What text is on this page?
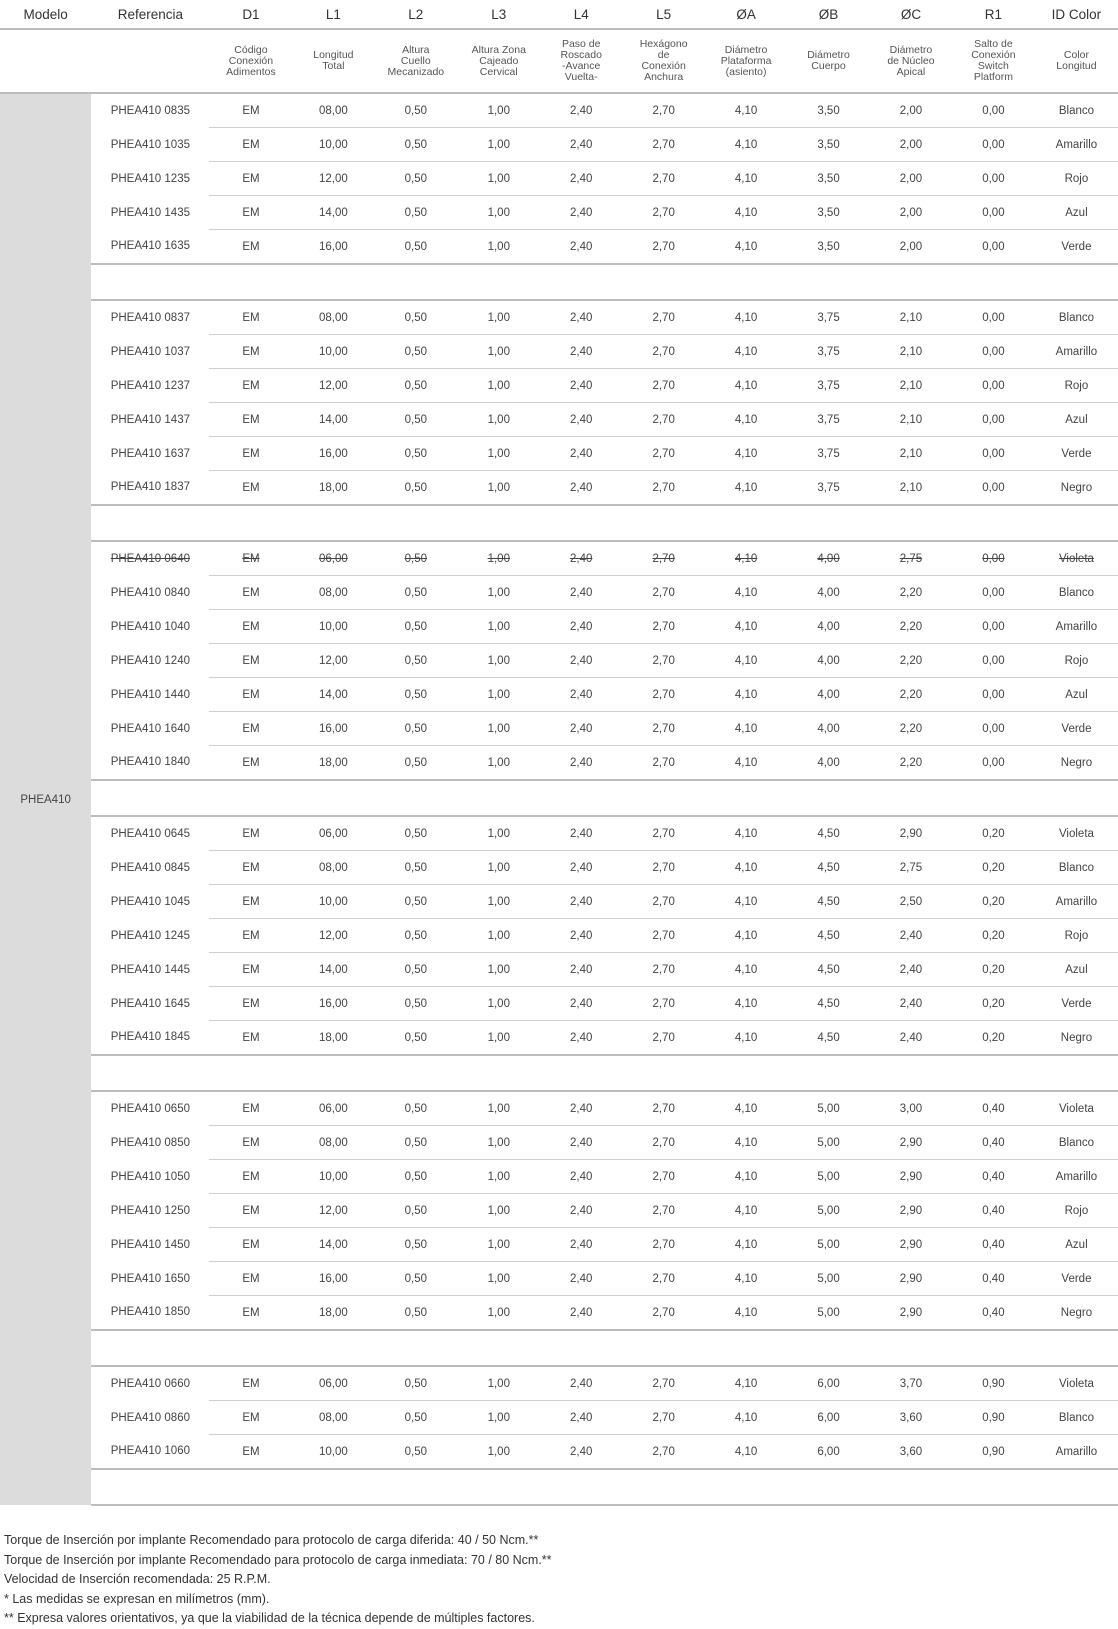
Modelo	Referencia	D1	L1	L2	L3	L4	L5	ØA	ØB	ØC	R1	ID Color

		Código
Conexión
Adimentos	Longitud
Total	Altura
Cuello
Mecanizado	Altura Zona
Cajeado
Cervical	Paso de
Roscado
-Avance
Vuelta-	Hexágono
de
Conexión
Anchura	Diámetro
Plataforma
(asiento)	Diámetro
Cuerpo	Diámetro
de Núcleo
Apical	Salto de
Conexión
Switch
Platform	Color
Longitud

PHEA410	PHEA410 0835	EM	08,00	0,50	1,00	2,40	2,70	4,10	3,50	2,00	0,00	Blanco
	PHEA410 1035	EM	10,00	0,50	1,00	2,40	2,70	4,10	3,50	2,00	0,00	Amarillo
	PHEA410 1235	EM	12,00	0,50	1,00	2,40	2,70	4,10	3,50	2,00	0,00	Rojo
	PHEA410 1435	EM	14,00	0,50	1,00	2,40	2,70	4,10	3,50	2,00	0,00	Azul
	PHEA410 1635	EM	16,00	0,50	1,00	2,40	2,70	4,10	3,50	2,00	0,00	Verde

	PHEA410 0837	EM	08,00	0,50	1,00	2,40	2,70	4,10	3,75	2,10	0,00	Blanco
	PHEA410 1037	EM	10,00	0,50	1,00	2,40	2,70	4,10	3,75	2,10	0,00	Amarillo
	PHEA410 1237	EM	12,00	0,50	1,00	2,40	2,70	4,10	3,75	2,10	0,00	Rojo
	PHEA410 1437	EM	14,00	0,50	1,00	2,40	2,70	4,10	3,75	2,10	0,00	Azul
	PHEA410 1637	EM	16,00	0,50	1,00	2,40	2,70	4,10	3,75	2,10	0,00	Verde
	PHEA410 1837	EM	18,00	0,50	1,00	2,40	2,70	4,10	3,75	2,10	0,00	Negro

	PHEA410 0640	EM	06,00	0,50	1,00	2,40	2,70	4,10	4,00	2,75	0,00	Violeta
	PHEA410 0840	EM	08,00	0,50	1,00	2,40	2,70	4,10	4,00	2,20	0,00	Blanco
	PHEA410 1040	EM	10,00	0,50	1,00	2,40	2,70	4,10	4,00	2,20	0,00	Amarillo
	PHEA410 1240	EM	12,00	0,50	1,00	2,40	2,70	4,10	4,00	2,20	0,00	Rojo
	PHEA410 1440	EM	14,00	0,50	1,00	2,40	2,70	4,10	4,00	2,20	0,00	Azul
	PHEA410 1640	EM	16,00	0,50	1,00	2,40	2,70	4,10	4,00	2,20	0,00	Verde
	PHEA410 1840	EM	18,00	0,50	1,00	2,40	2,70	4,10	4,00	2,20	0,00	Negro

	PHEA410 0645	EM	06,00	0,50	1,00	2,40	2,70	4,10	4,50	2,90	0,20	Violeta
	PHEA410 0845	EM	08,00	0,50	1,00	2,40	2,70	4,10	4,50	2,75	0,20	Blanco
	PHEA410 1045	EM	10,00	0,50	1,00	2,40	2,70	4,10	4,50	2,50	0,20	Amarillo
	PHEA410 1245	EM	12,00	0,50	1,00	2,40	2,70	4,10	4,50	2,40	0,20	Rojo
	PHEA410 1445	EM	14,00	0,50	1,00	2,40	2,70	4,10	4,50	2,40	0,20	Azul
	PHEA410 1645	EM	16,00	0,50	1,00	2,40	2,70	4,10	4,50	2,40	0,20	Verde
	PHEA410 1845	EM	18,00	0,50	1,00	2,40	2,70	4,10	4,50	2,40	0,20	Negro

	PHEA410 0650	EM	06,00	0,50	1,00	2,40	2,70	4,10	5,00	3,00	0,40	Violeta
	PHEA410 0850	EM	08,00	0,50	1,00	2,40	2,70	4,10	5,00	2,90	0,40	Blanco
	PHEA410 1050	EM	10,00	0,50	1,00	2,40	2,70	4,10	5,00	2,90	0,40	Amarillo
	PHEA410 1250	EM	12,00	0,50	1,00	2,40	2,70	4,10	5,00	2,90	0,40	Rojo
	PHEA410 1450	EM	14,00	0,50	1,00	2,40	2,70	4,10	5,00	2,90	0,40	Azul
	PHEA410 1650	EM	16,00	0,50	1,00	2,40	2,70	4,10	5,00	2,90	0,40	Verde
	PHEA410 1850	EM	18,00	0,50	1,00	2,40	2,70	4,10	5,00	2,90	0,40	Negro

	PHEA410 0660	EM	06,00	0,50	1,00	2,40	2,70	4,10	6,00	3,70	0,90	Violeta
	PHEA410 0860	EM	08,00	0,50	1,00	2,40	2,70	4,10	6,00	3,60	0,90	Blanco
	PHEA410 1060	EM	10,00	0,50	1,00	2,40	2,70	4,10	6,00	3,60	0,90	Amarillo

Torque de Inserción por implante Recomendado para protocolo de carga diferida: 40 / 50 Ncm.**
Torque de Inserción por implante Recomendado para protocolo de carga inmediata: 70 / 80 Ncm.**
Velocidad de Inserción recomendada: 25 R.P.M.
* Las medidas se expresan en milímetros (mm).
** Expresa valores orientativos, ya que la viabilidad de la técnica depende de múltiples factores.
